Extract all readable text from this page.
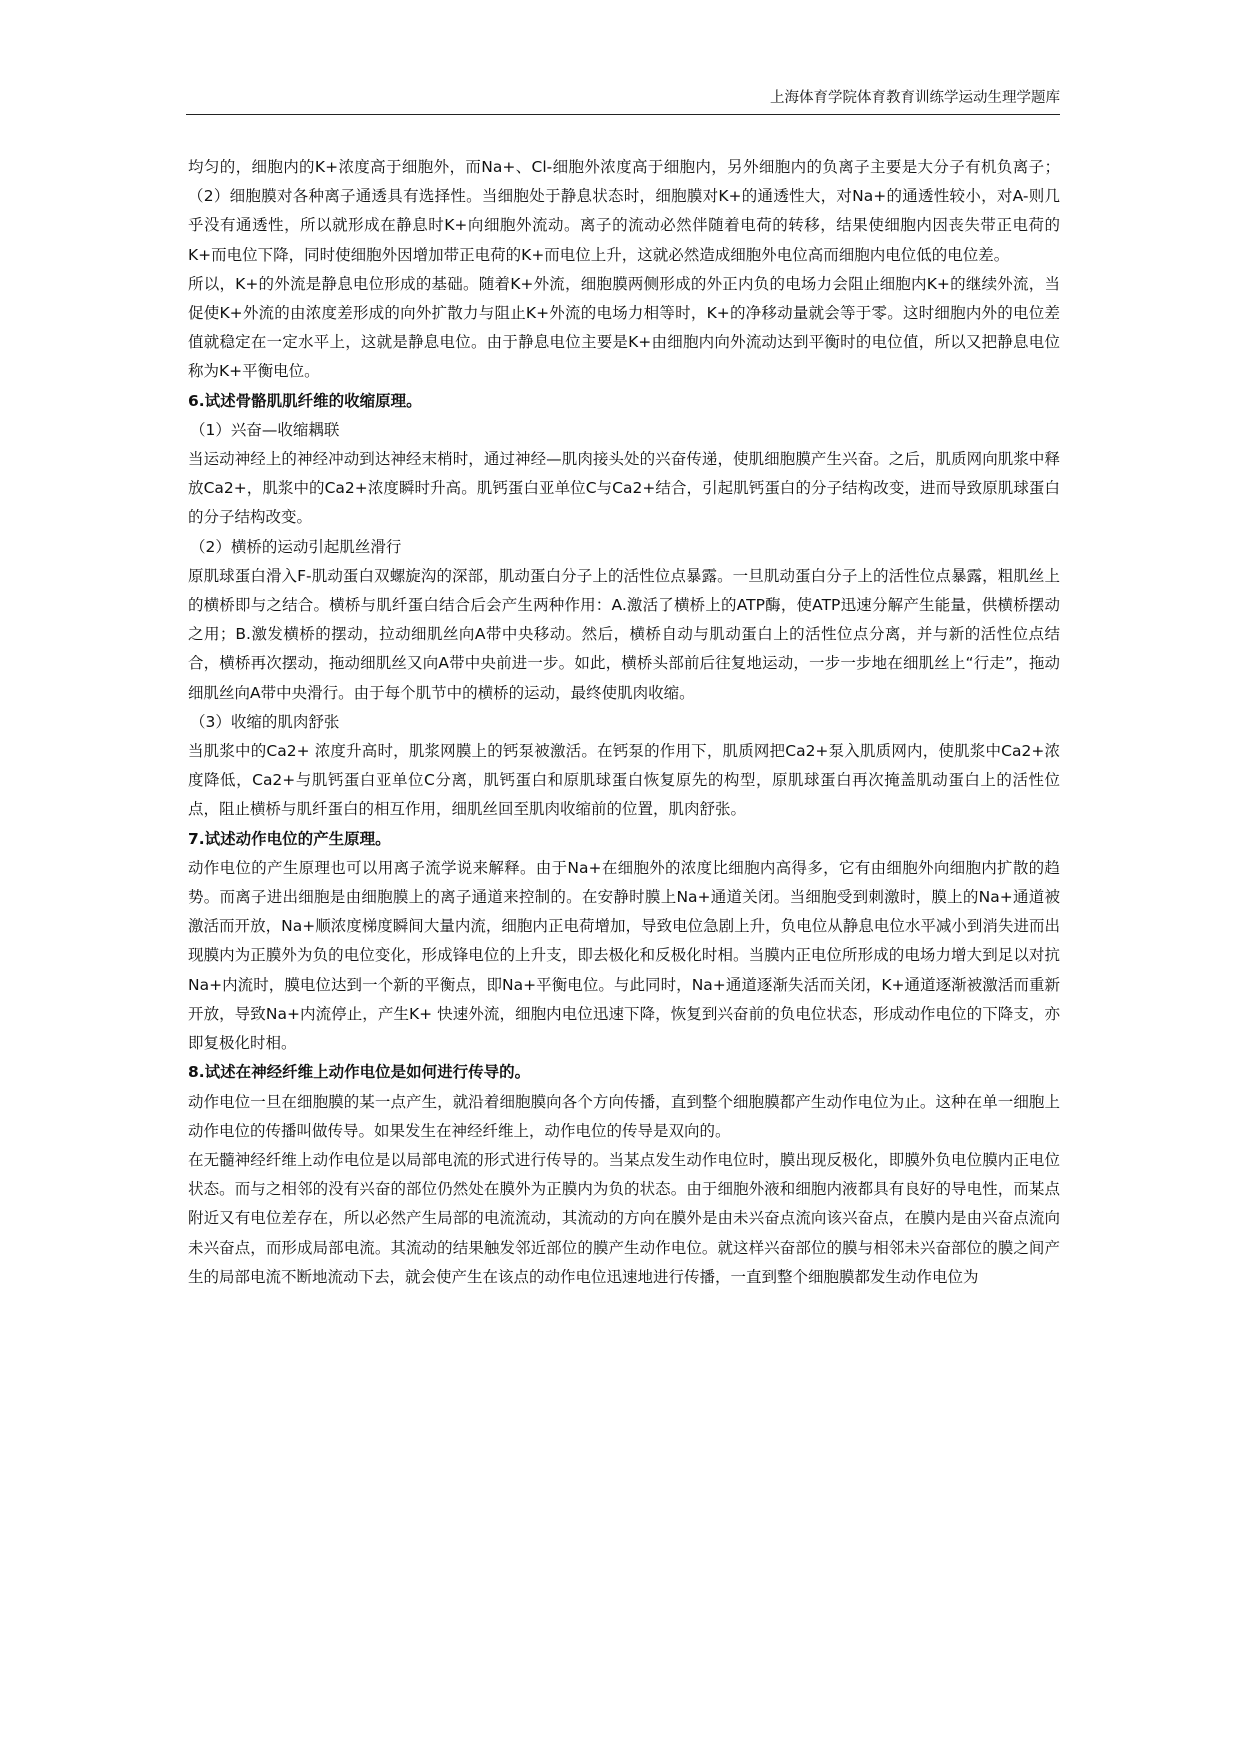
上海体育学院体育教育训练学运动生理学题库

均匀的，细胞内的K+浓度高于细胞外，而Na+、Cl-细胞外浓度高于细胞内，另外细胞内的负离子主要是大分子有机负离子；（2）细胞膜对各种离子通透具有选择性。当细胞处于静息状态时，细胞膜对K+的通透性大，对Na+的通透性较小，对A-则几乎没有通透性，所以就形成在静息时K+向细胞外流动。离子的流动必然伴随着电荷的转移，结果使细胞内因丧失带正电荷的K+而电位下降，同时使细胞外因增加带正电荷的K+而电位上升，这就必然造成细胞外电位高而细胞内电位低的电位差。

所以，K+的外流是静息电位形成的基础。随着K+外流，细胞膜两侧形成的外正内负的电场力会阻止细胞内K+的继续外流，当促使K+外流的由浓度差形成的向外扩散力与阻止K+外流的电场力相等时，K+的净移动量就会等于零。这时细胞内外的电位差值就稳定在一定水平上，这就是静息电位。由于静息电位主要是K+由细胞内向外流动达到平衡时的电位值，所以又把静息电位称为K+平衡电位。

6.试述骨骼肌肌纤维的收缩原理。

（1）兴奋—收缩耦联

当运动神经上的神经冲动到达神经末梢时，通过神经—肌肉接头处的兴奋传递，使肌细胞膜产生兴奋。之后，肌质网向肌浆中释放Ca2+，肌浆中的Ca2+浓度瞬时升高。肌钙蛋白亚单位C与Ca2+结合，引起肌钙蛋白的分子结构改变，进而导致原肌球蛋白的分子结构改变。

（2）横桥的运动引起肌丝滑行

原肌球蛋白滑入F-肌动蛋白双螺旋沟的深部，肌动蛋白分子上的活性位点暴露。一旦肌动蛋白分子上的活性位点暴露，粗肌丝上的横桥即与之结合。横桥与肌纤蛋白结合后会产生两种作用：A.激活了横桥上的ATP酶，使ATP迅速分解产生能量，供横桥摆动之用；B.激发横桥的摆动，拉动细肌丝向A带中央移动。然后，横桥自动与肌动蛋白上的活性位点分离，并与新的活性位点结合，横桥再次摆动，拖动细肌丝又向A带中央前进一步。如此，横桥头部前后往复地运动，一步一步地在细肌丝上“行走”，拖动细肌丝向A带中央滑行。由于每个肌节中的横桥的运动，最终使肌肉收缩。

（3）收缩的肌肉舒张

当肌浆中的Ca2+ 浓度升高时，肌浆网膜上的钙泵被激活。在钙泵的作用下，肌质网把Ca2+泵入肌质网内，使肌浆中Ca2+浓度降低，Ca2+与肌钙蛋白亚单位C分离，肌钙蛋白和原肌球蛋白恢复原先的构型，原肌球蛋白再次掩盖肌动蛋白上的活性位点，阻止横桥与肌纤蛋白的相互作用，细肌丝回至肌肉收缩前的位置，肌肉舒张。

7.试述动作电位的产生原理。

动作电位的产生原理也可以用离子流学说来解释。由于Na+在细胞外的浓度比细胞内高得多，它有由细胞外向细胞内扩散的趋势。而离子进出细胞是由细胞膜上的离子通道来控制的。在安静时膜上Na+通道关闭。当细胞受到刺激时，膜上的Na+通道被激活而开放，Na+顺浓度梯度瞬间大量内流，细胞内正电荷增加，导致电位急剧上升，负电位从静息电位水平减小到消失进而出现膜内为正膜外为负的电位变化，形成锋电位的上升支，即去极化和反极化时相。当膜内正电位所形成的电场力增大到足以对抗Na+内流时，膜电位达到一个新的平衡点，即Na+平衡电位。与此同时，Na+通道逐渐失活而关闭，K+通道逐渐被激活而重新开放，导致Na+内流停止，产生K+ 快速外流，细胞内电位迅速下降，恢复到兴奋前的负电位状态，形成动作电位的下降支，亦即复极化时相。

8.试述在神经纤维上动作电位是如何进行传导的。

动作电位一旦在细胞膜的某一点产生，就沿着细胞膜向各个方向传播，直到整个细胞膜都产生动作电位为止。这种在单一细胞上动作电位的传播叫做传导。如果发生在神经纤维上，动作电位的传导是双向的。

在无髓神经纤维上动作电位是以局部电流的形式进行传导的。当某点发生动作电位时，膜出现反极化，即膜外负电位膜内正电位状态。而与之相邻的没有兴奋的部位仍然处在膜外为正膜内为负的状态。由于细胞外液和细胞内液都具有良好的导电性，而某点附近又有电位差存在，所以必然产生局部的电流流动，其流动的方向在膜外是由未兴奋点流向该兴奋点，在膜内是由兴奋点流向未兴奋点，而形成局部电流。其流动的结果触发邻近部位的膜产生动作电位。就这样兴奋部位的膜与相邻未兴奋部位的膜之间产生的局部电流不断地流动下去，就会使产生在该点的动作电位迅速地进行传播，一直到整个细胞膜都发生动作电位为
